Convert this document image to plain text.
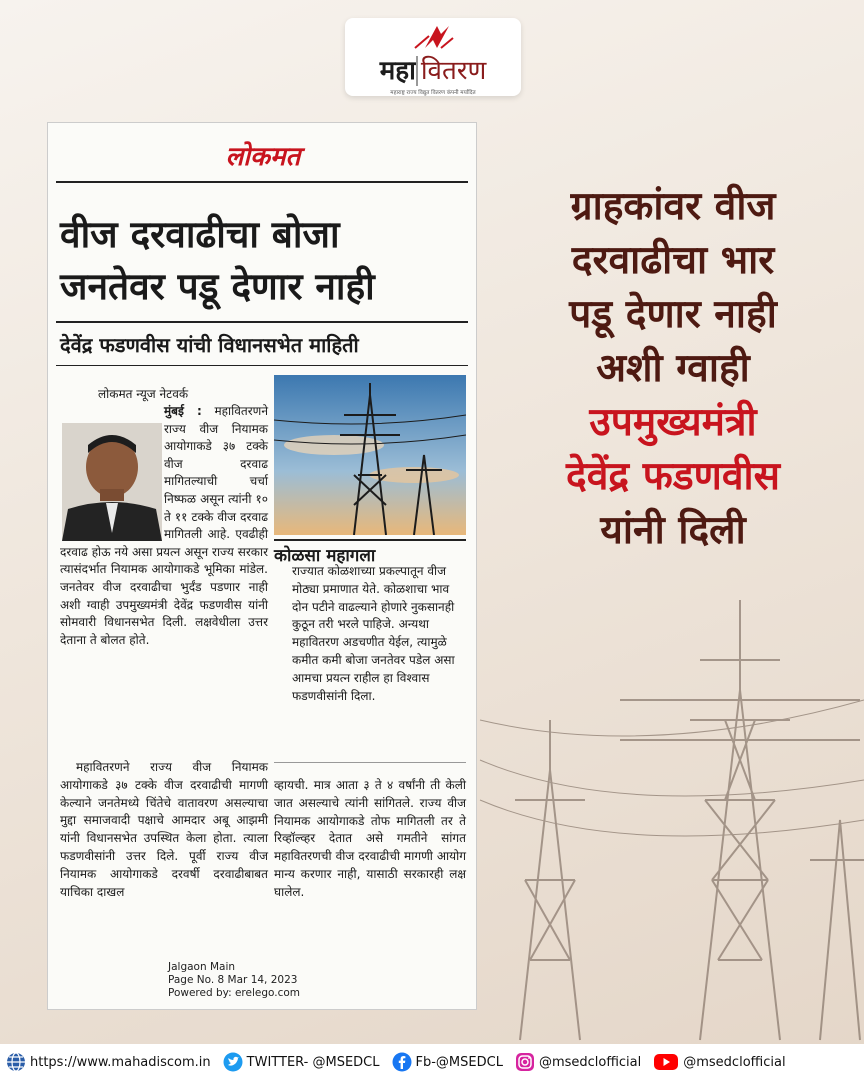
महा वितरण
महाराष्ट्र राज्य विद्युत वितरण कंपनी मर्यादित
लोकमत
वीज दरवाढीचा बोजा
जनतेवर पडू देणार नाही
देवेंद्र फडणवीस यांची विधानसभेत माहिती
लोकमत न्यूज नेटवर्क
मुंबई : महावितरणने राज्य वीज नियामक आयोगाकडे ३७ टक्के वीज दरवाढ मागितल्याची चर्चा निष्फळ असून त्यांनी १० ते ११ टक्के वीज दरवाढ मागितली आहे. एवढीही दरवाढ होऊ नये असा प्रयत्न असून राज्य सरकार त्यासंदर्भात नियामक आयोगाकडे भूमिका मांडेल. जनतेवर वीज दरवाढीचा भुर्दंड पडणार नाही अशी ग्वाही उपमुख्यमंत्री देवेंद्र फडणवीस यांनी सोमवारी विधानसभेत दिली. लक्षवेधीला उत्तर देताना ते बोलत होते.
कोळसा महागला
राज्यात कोळशाच्या प्रकल्पातून वीज मोठ्या प्रमाणात येते. कोळशाचा भाव दोन पटीने वाढल्याने होणारे नुकसानही कुठून तरी भरले पाहिजे. अन्यथा महावितरण अडचणीत येईल, त्यामुळे कमीत कमी बोजा जनतेवर पडेल असा आमचा प्रयत्न राहील हा विश्वास फडणवीसांनी दिला.
महावितरणने राज्य वीज नियामक आयोगाकडे ३७ टक्के वीज दरवाढीची मागणी केल्याने जनतेमध्ये चिंतेचे वातावरण असल्याचा मुद्दा समाजवादी पक्षाचे आमदार अबू आझमी यांनी विधानसभेत उपस्थित केला होता. त्याला फडणवीसांनी उत्तर दिले. पूर्वी राज्य वीज नियामक आयोगाकडे दरवर्षी दरवाढीबाबत याचिका दाखल
व्हायची. मात्र आता ३ ते ४ वर्षांनी ती केली जात असल्याचे त्यांनी सांगितले. राज्य वीज नियामक आयोगाकडे तोफ मागितली तर ते रिव्हॉल्व्हर देतात असे गमतीने सांगत महावितरणची वीज दरवाढीची मागणी आयोग मान्य करणार नाही, यासाठी सरकारही लक्ष घालेल.
Jalgaon Main
Page No. 8 Mar 14, 2023
Powered by: erelego.com
ग्राहकांवर वीज
दरवाढीचा भार
पडू देणार नाही
अशी ग्वाही
उपमुख्यमंत्री
देवेंद्र फडणवीस
यांनी दिली
https://www.mahadiscom.in	TWITTER- @MSEDCL	Fb-@MSEDCL	@msedclofficial	@msedclofficial
